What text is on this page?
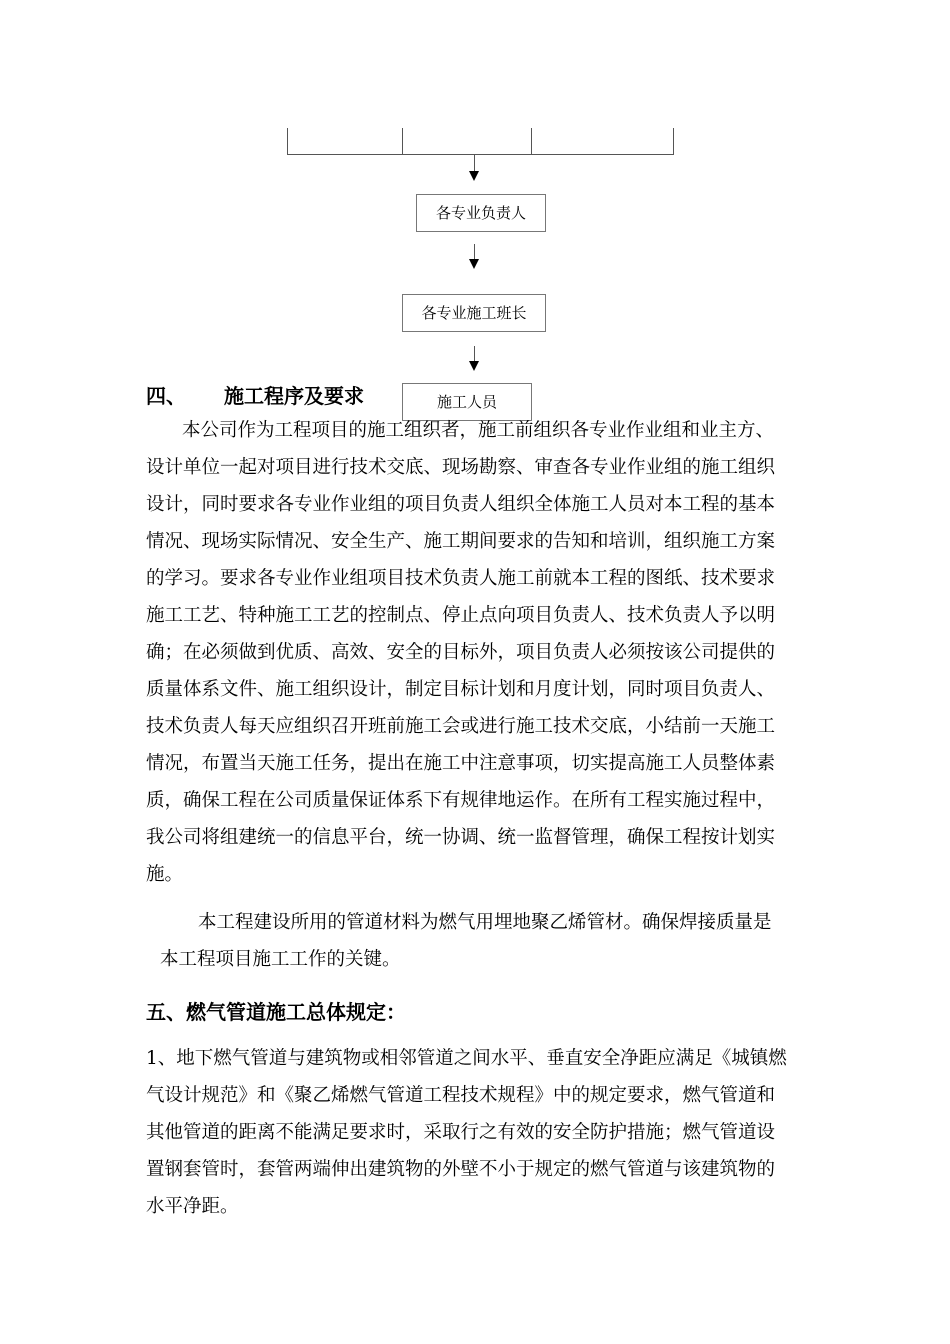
各专业负责人
各专业施工班长
施工人员
四、 施工程序及要求

本公司作为工程项目的施工组织者，施工前组织各专业作业组和业主方、

设计单位一起对项目进行技术交底、现场勘察、审查各专业作业组的施工组织

设计，同时要求各专业作业组的项目负责人组织全体施工人员对本工程的基本

情况、现场实际情况、安全生产、施工期间要求的告知和培训，组织施工方案

的学习。要求各专业作业组项目技术负责人施工前就本工程的图纸、技术要求

施工工艺、特种施工工艺的控制点、停止点向项目负责人、技术负责人予以明

确；在必须做到优质、高效、安全的目标外，项目负责人必须按该公司提供的

质量体系文件、施工组织设计，制定目标计划和月度计划，同时项目负责人、

技术负责人每天应组织召开班前施工会或进行施工技术交底，小结前一天施工

情况，布置当天施工任务，提出在施工中注意事项，切实提高施工人员整体素

质，确保工程在公司质量保证体系下有规律地运作。在所有工程实施过程中，

我公司将组建统一的信息平台，统一协调、统一监督管理，确保工程按计划实

施。

本工程建设所用的管道材料为燃气用埋地聚乙烯管材。确保焊接质量是

本工程项目施工工作的关键。

五、燃气管道施工总体规定：

1、地下燃气管道与建筑物或相邻管道之间水平、垂直安全净距应满足《城镇燃

气设计规范》和《聚乙烯燃气管道工程技术规程》中的规定要求，燃气管道和

其他管道的距离不能满足要求时，采取行之有效的安全防护措施；燃气管道设

置钢套管时，套管两端伸出建筑物的外壁不小于规定的燃气管道与该建筑物的

水平净距。
